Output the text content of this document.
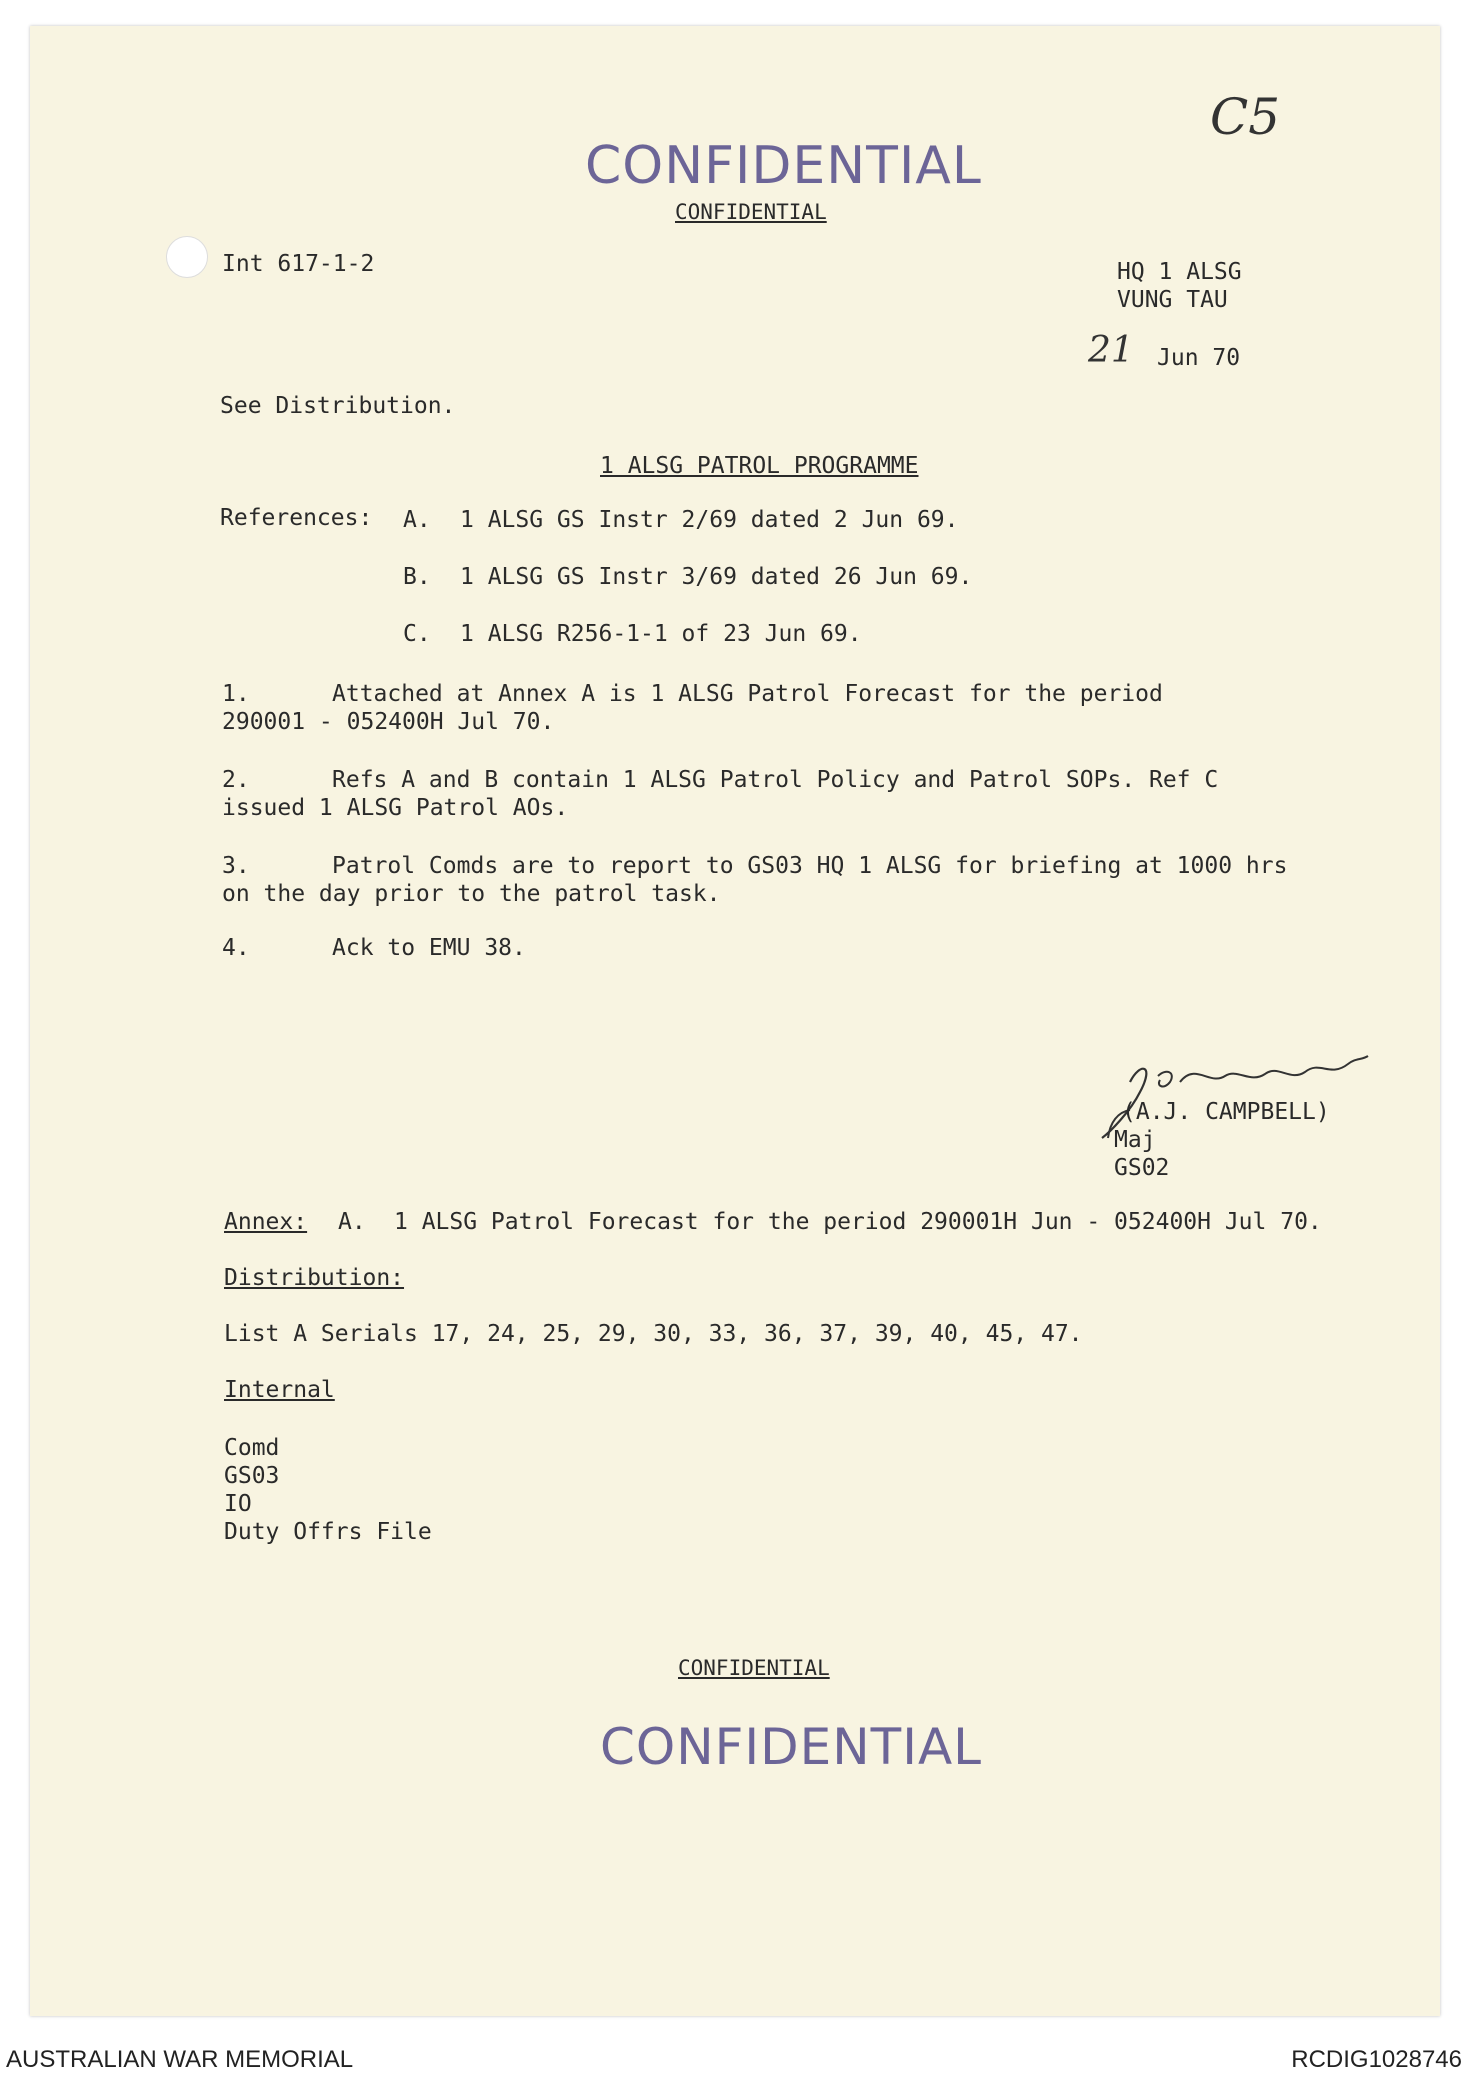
C5

CONFIDENTIAL

CONFIDENTIAL

Int 617-1-2	HQ 1 ALSG

VUNG TAU

21 Jun 70

See Distribution.

1 ALSG PATROL PROGRAMME

References: A. 1 ALSG GS Instr 2/69 dated 2 Jun 69.

B. 1 ALSG GS Instr 3/69 dated 26 Jun 69.

C. 1 ALSG R256-1-1 of 23 Jun 69.

1.	Attached at Annex A is 1 ALSG Patrol Forecast for the period

290001 - 052400H Jul 70.

2.	Refs A and B contain 1 ALSG Patrol Policy and Patrol SOPs. Ref C

issued 1 ALSG Patrol AOs.

3.	Patrol Comds are to report to GS03 HQ 1 ALSG for briefing at 1000 hrs

on the day prior to the patrol task.

4.	Ack to EMU 38.

(A.J. CAMPBELL)

Maj

GS02

Annex: A. 1 ALSG Patrol Forecast for the period 290001H Jun - 052400H Jul 70.

Distribution:

List A Serials 17, 24, 25, 29, 30, 33, 36, 37, 39, 40, 45, 47.

Internal

Comd

GS03

IO

Duty Offrs File

CONFIDENTIAL

CONFIDENTIAL

AUSTRALIAN WAR MEMORIAL	RCDIG1028746
